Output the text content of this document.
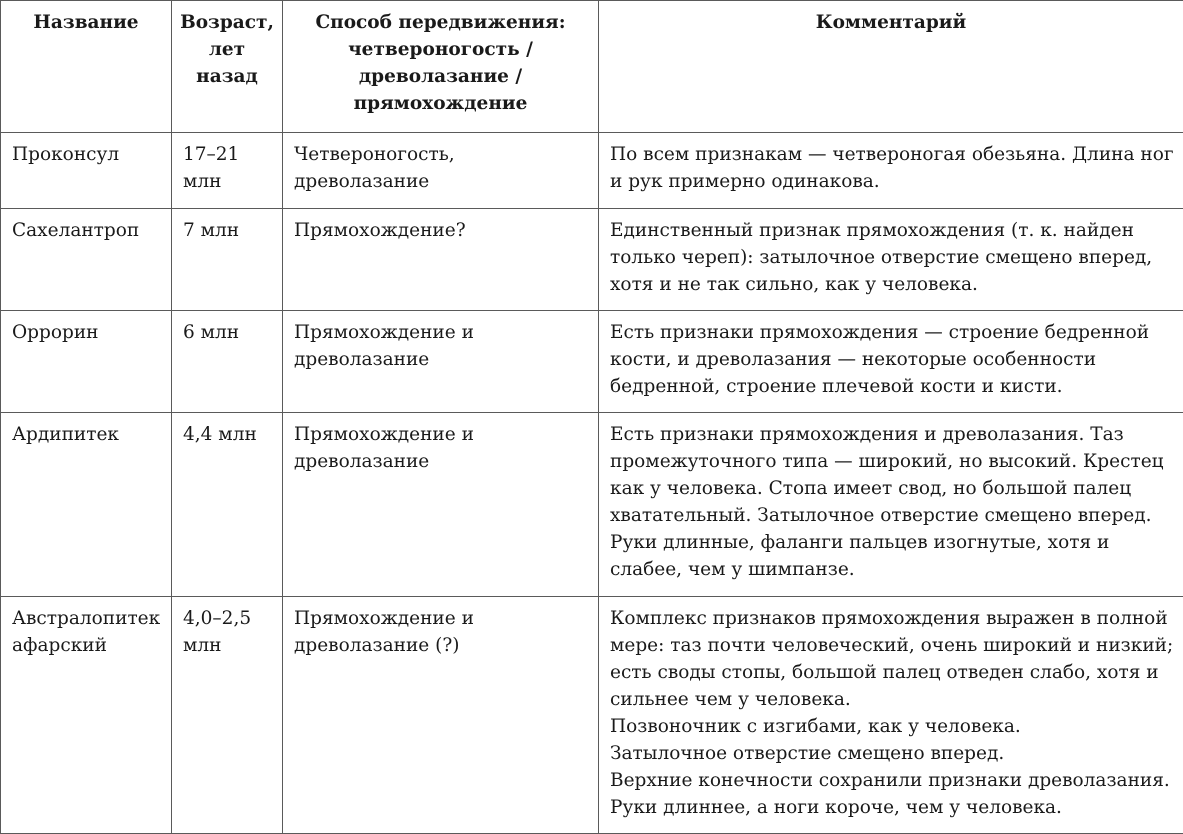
Название	Возраст, лет назад	Способ передвижения: четвероногость / древолазание / прямохождение	Комментарий
Проконсул	17–21 млн	Четвероногость, древолазание	По всем признакам — четвероногая обезьяна. Длина ног и рук примерно одинакова.
Сахелантроп	7 млн	Прямохождение?	Единственный признак прямохождения (т. к. найден только череп): затылочное отверстие смещено вперед, хотя и не так сильно, как у человека.
Оррорин	6 млн	Прямохождение и древолазание	Есть признаки прямохождения — строение бедренной кости, и древолазания — некоторые особенности бедренной, строение плечевой кости и кисти.
Ардипитек	4,4 млн	Прямохождение и древолазание	Есть признаки прямохождения и древолазания. Таз промежуточного типа — широкий, но высокий. Крестец как у человека. Стопа имеет свод, но большой палец хватательный. Затылочное отверстие смещено вперед. Руки длинные, фаланги пальцев изогнутые, хотя и слабее, чем у шимпанзе.
Австралопитек афарский	4,0–2,5 млн	Прямохождение и древолазание (?)	Комплекс признаков прямохождения выражен в полной мере: таз почти человеческий, очень широкий и низкий; есть своды стопы, большой палец отведен слабо, хотя и сильнее чем у человека.
Позвоночник с изгибами, как у человека.
Затылочное отверстие смещено вперед.
Верхние конечности сохранили признаки древолазания.
Руки длиннее, а ноги короче, чем у человека.
